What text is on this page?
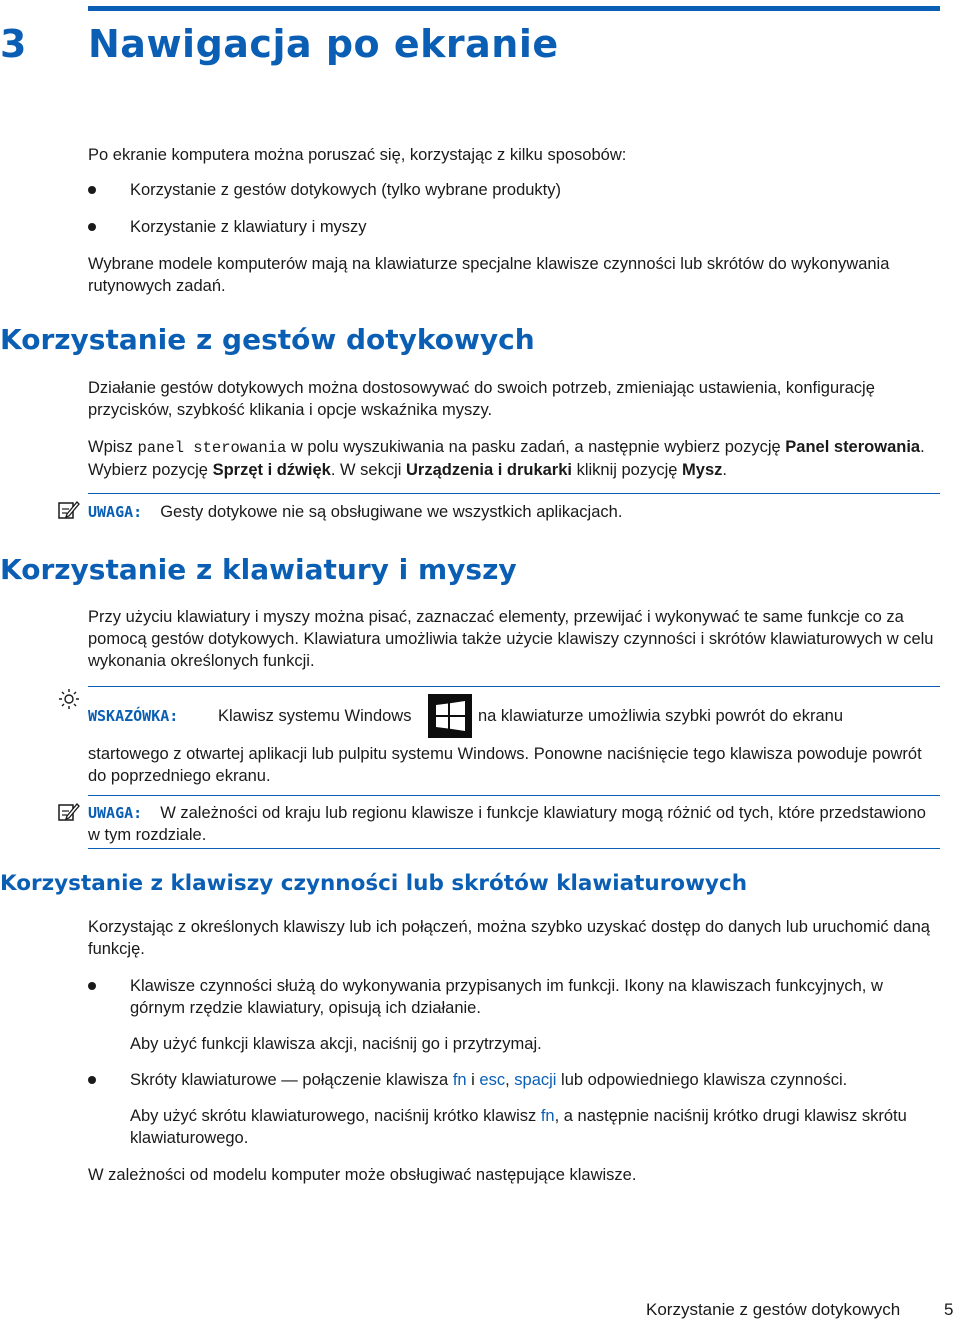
3 Nawigacja po ekranie

Po ekranie komputera można poruszać się, korzystając z kilku sposobów:

Korzystanie z gestów dotykowych (tylko wybrane produkty)

Korzystanie z klawiatury i myszy

Wybrane modele komputerów mają na klawiaturze specjalne klawisze czynności lub skrótów do wykonywania rutynowych zadań.

Korzystanie z gestów dotykowych

Działanie gestów dotykowych można dostosowywać do swoich potrzeb, zmieniając ustawienia, konfigurację przycisków, szybkość klikania i opcje wskaźnika myszy.

Wpisz panel sterowania w polu wyszukiwania na pasku zadań, a następnie wybierz pozycję Panel sterowania. Wybierz pozycję Sprzęt i dźwięk. W sekcji Urządzenia i drukarki kliknij pozycję Mysz.

UWAGA: Gesty dotykowe nie są obsługiwane we wszystkich aplikacjach.

Korzystanie z klawiatury i myszy

Przy użyciu klawiatury i myszy można pisać, zaznaczać elementy, przewijać i wykonywać te same funkcje co za pomocą gestów dotykowych. Klawiatura umożliwia także użycie klawiszy czynności i skrótów klawiaturowych w celu wykonania określonych funkcji.

WSKAZÓWKA:	Klawisz systemu Windows	na klawiaturze umożliwia szybki powrót do ekranu

startowego z otwartej aplikacji lub pulpitu systemu Windows. Ponowne naciśnięcie tego klawisza powoduje powrót do poprzedniego ekranu.

UWAGA: W zależności od kraju lub regionu klawisze i funkcje klawiatury mogą różnić od tych, które przedstawiono w tym rozdziale.

Korzystanie z klawiszy czynności lub skrótów klawiaturowych

Korzystając z określonych klawiszy lub ich połączeń, można szybko uzyskać dostęp do danych lub uruchomić daną funkcję.

Klawisze czynności służą do wykonywania przypisanych im funkcji. Ikony na klawiszach funkcyjnych, w górnym rzędzie klawiatury, opisują ich działanie.

Aby użyć funkcji klawisza akcji, naciśnij go i przytrzymaj.

Skróty klawiaturowe — połączenie klawisza fn i esc, spacji lub odpowiedniego klawisza czynności.

Aby użyć skrótu klawiaturowego, naciśnij krótko klawisz fn, a następnie naciśnij krótko drugi klawisz skrótu klawiaturowego.

W zależności od modelu komputer może obsługiwać następujące klawisze.

Korzystanie z gestów dotykowych	5
